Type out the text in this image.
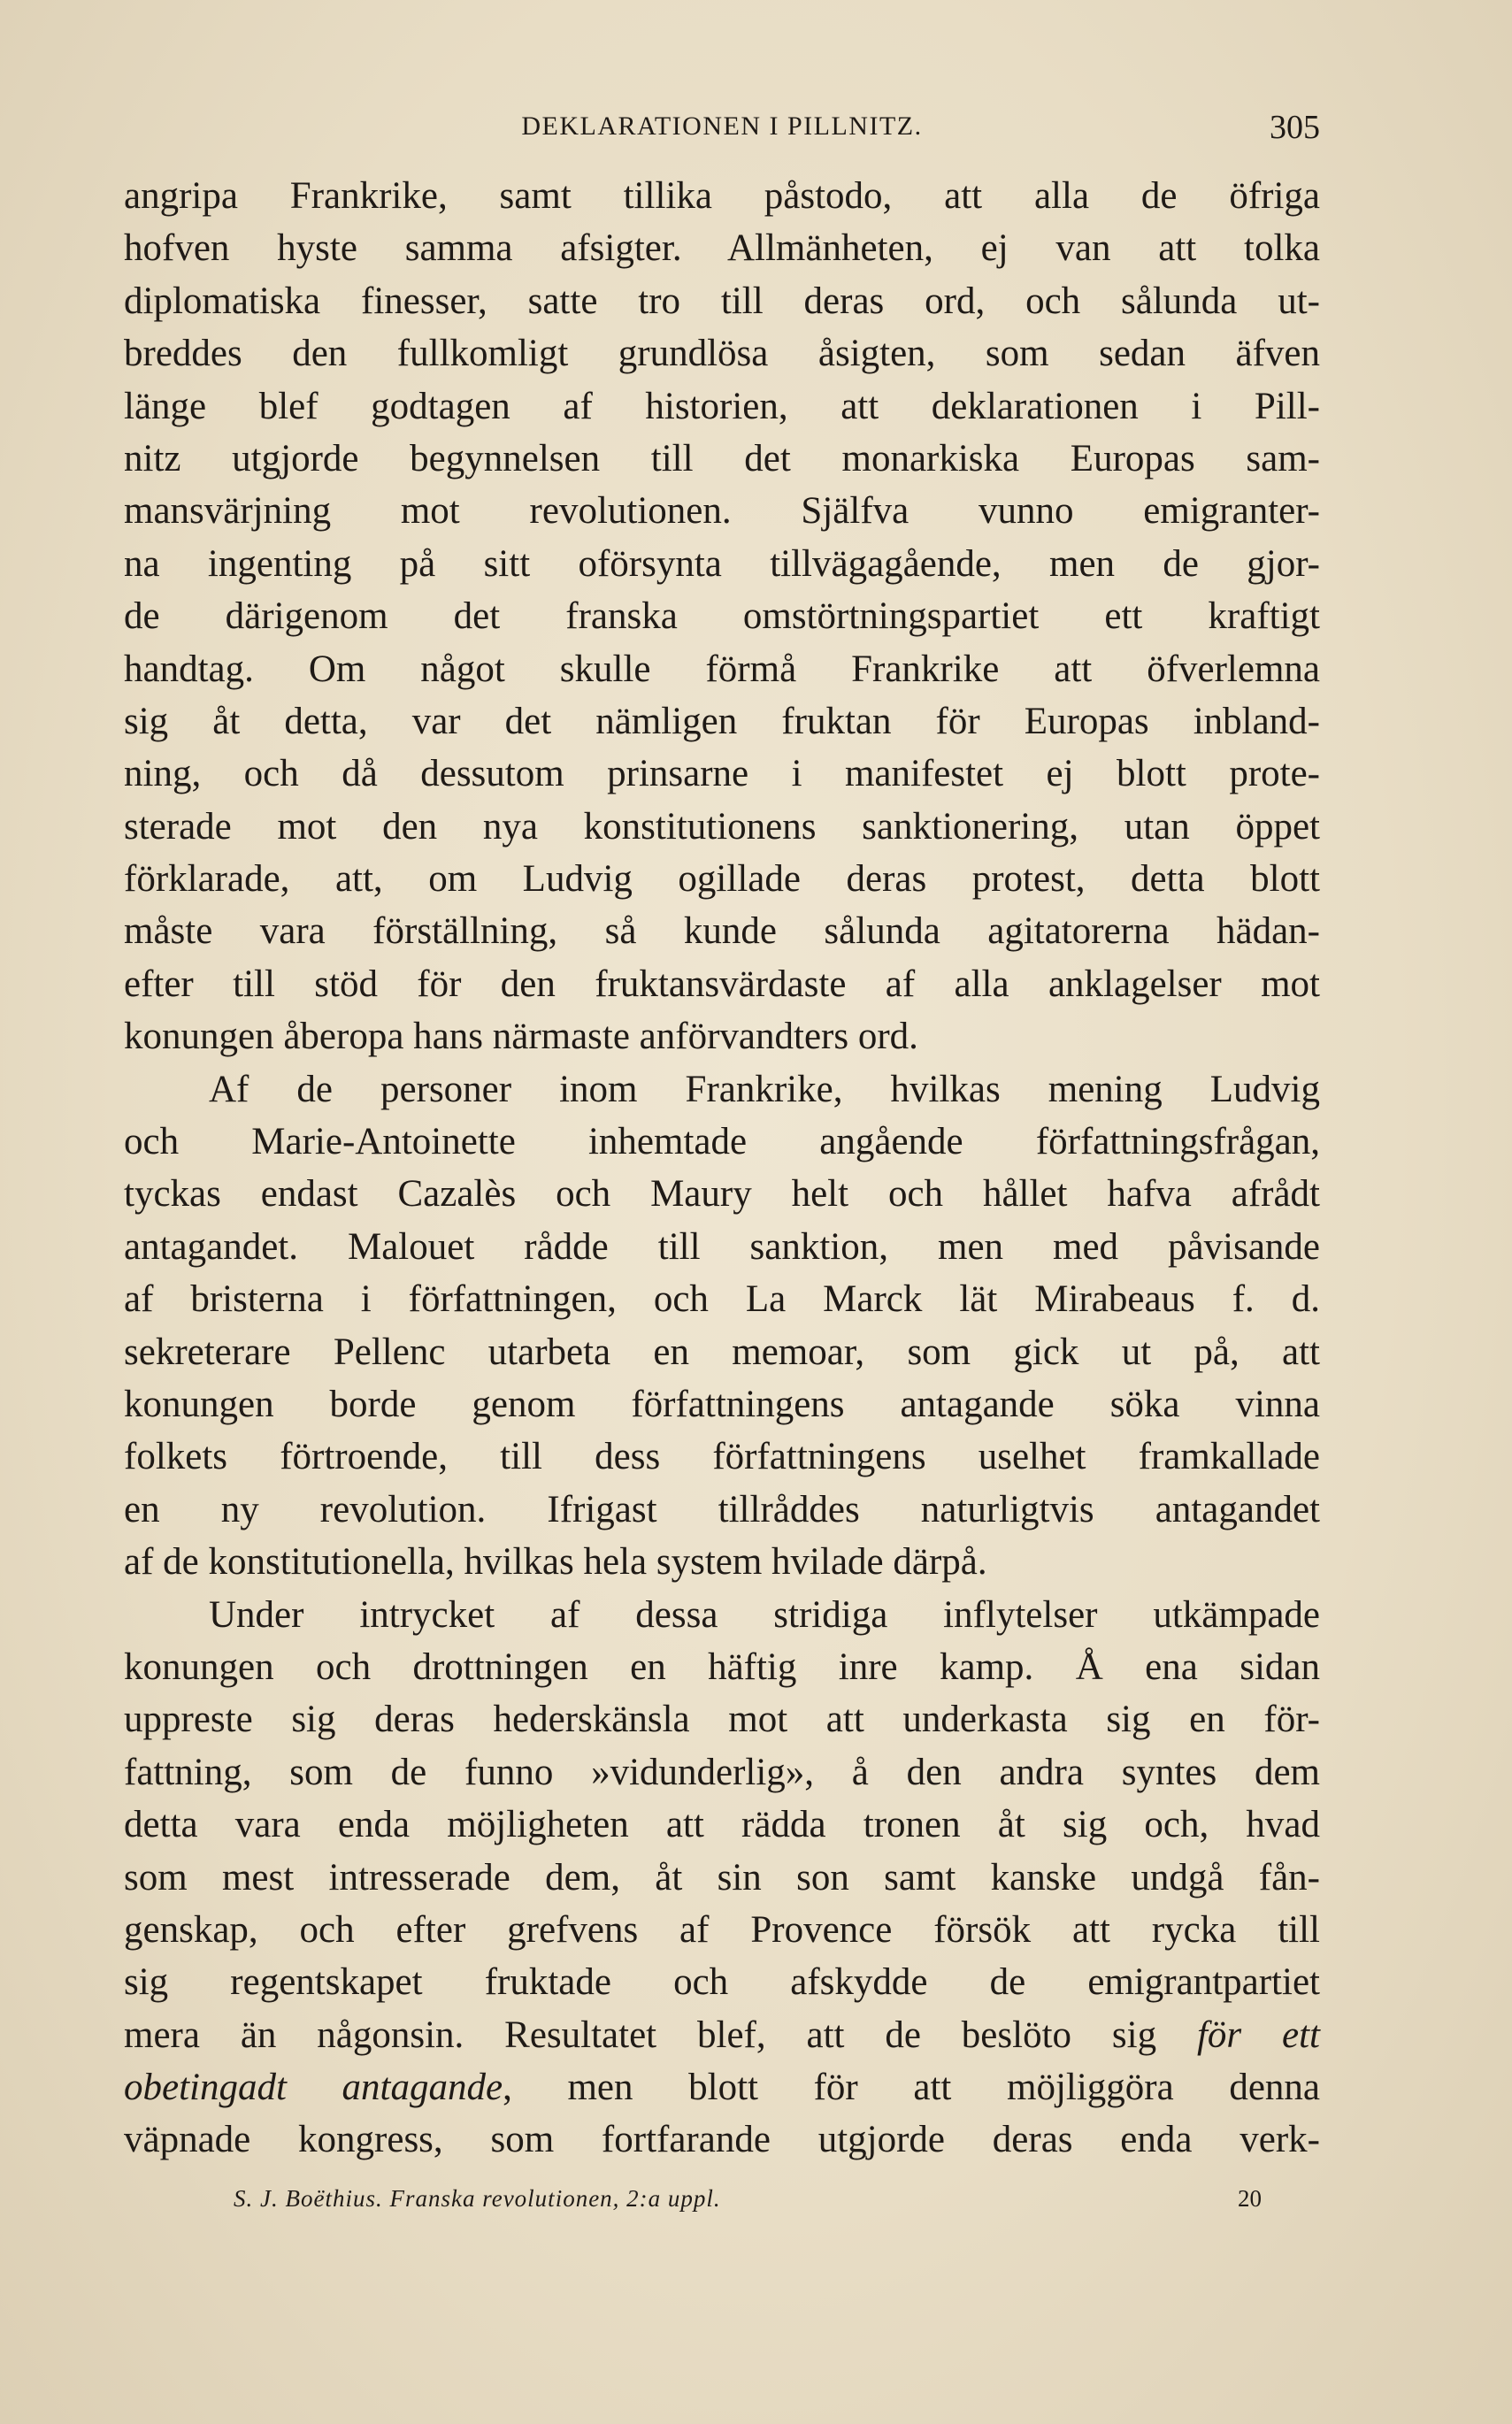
DEKLARATIONEN I PILLNITZ.	305
angripa Frankrike, samt tillika påstodo, att alla de öfriga
hofven hyste samma afsigter. Allmänheten, ej van att tolka
diplomatiska finesser, satte tro till deras ord, och sålunda ut-
breddes den fullkomligt grundlösa åsigten, som sedan äfven
länge blef godtagen af historien, att deklarationen i Pill-
nitz utgjorde begynnelsen till det monarkiska Europas sam-
mansvärjning mot revolutionen. Själfva vunno emigranter-
na ingenting på sitt oförsynta tillvägagående, men de gjor-
de därigenom det franska omstörtningspartiet ett kraftigt
handtag. Om något skulle förmå Frankrike att öfverlemna
sig åt detta, var det nämligen fruktan för Europas inbland-
ning, och då dessutom prinsarne i manifestet ej blott prote-
sterade mot den nya konstitutionens sanktionering, utan öppet
förklarade, att, om Ludvig ogillade deras protest, detta blott
måste vara förställning, så kunde sålunda agitatorerna hädan-
efter till stöd för den fruktansvärdaste af alla anklagelser mot
konungen åberopa hans närmaste anförvandters ord.
Af de personer inom Frankrike, hvilkas mening Ludvig
och Marie-Antoinette inhemtade angående författningsfrågan,
tyckas endast Cazalès och Maury helt och hållet hafva afrådt
antagandet. Malouet rådde till sanktion, men med påvisande
af bristerna i författningen, och La Marck lät Mirabeaus f. d.
sekreterare Pellenc utarbeta en memoar, som gick ut på, att
konungen borde genom författningens antagande söka vinna
folkets förtroende, till dess författningens uselhet framkallade
en ny revolution. Ifrigast tillråddes naturligtvis antagandet
af de konstitutionella, hvilkas hela system hvilade därpå.
Under intrycket af dessa stridiga inflytelser utkämpade
konungen och drottningen en häftig inre kamp. Å ena sidan
uppreste sig deras hederskänsla mot att underkasta sig en för-
fattning, som de funno »vidunderlig», å den andra syntes dem
detta vara enda möjligheten att rädda tronen åt sig och, hvad
som mest intresserade dem, åt sin son samt kanske undgå fån-
genskap, och efter grefvens af Provence försök att rycka till
sig regentskapet fruktade och afskydde de emigrantpartiet
mera än någonsin. Resultatet blef, att de beslöto sig för ett
obetingadt antagande, men blott för att möjliggöra denna
väpnade kongress, som fortfarande utgjorde deras enda verk-
S. J. Boëthius. Franska revolutionen, 2:a uppl.	20
